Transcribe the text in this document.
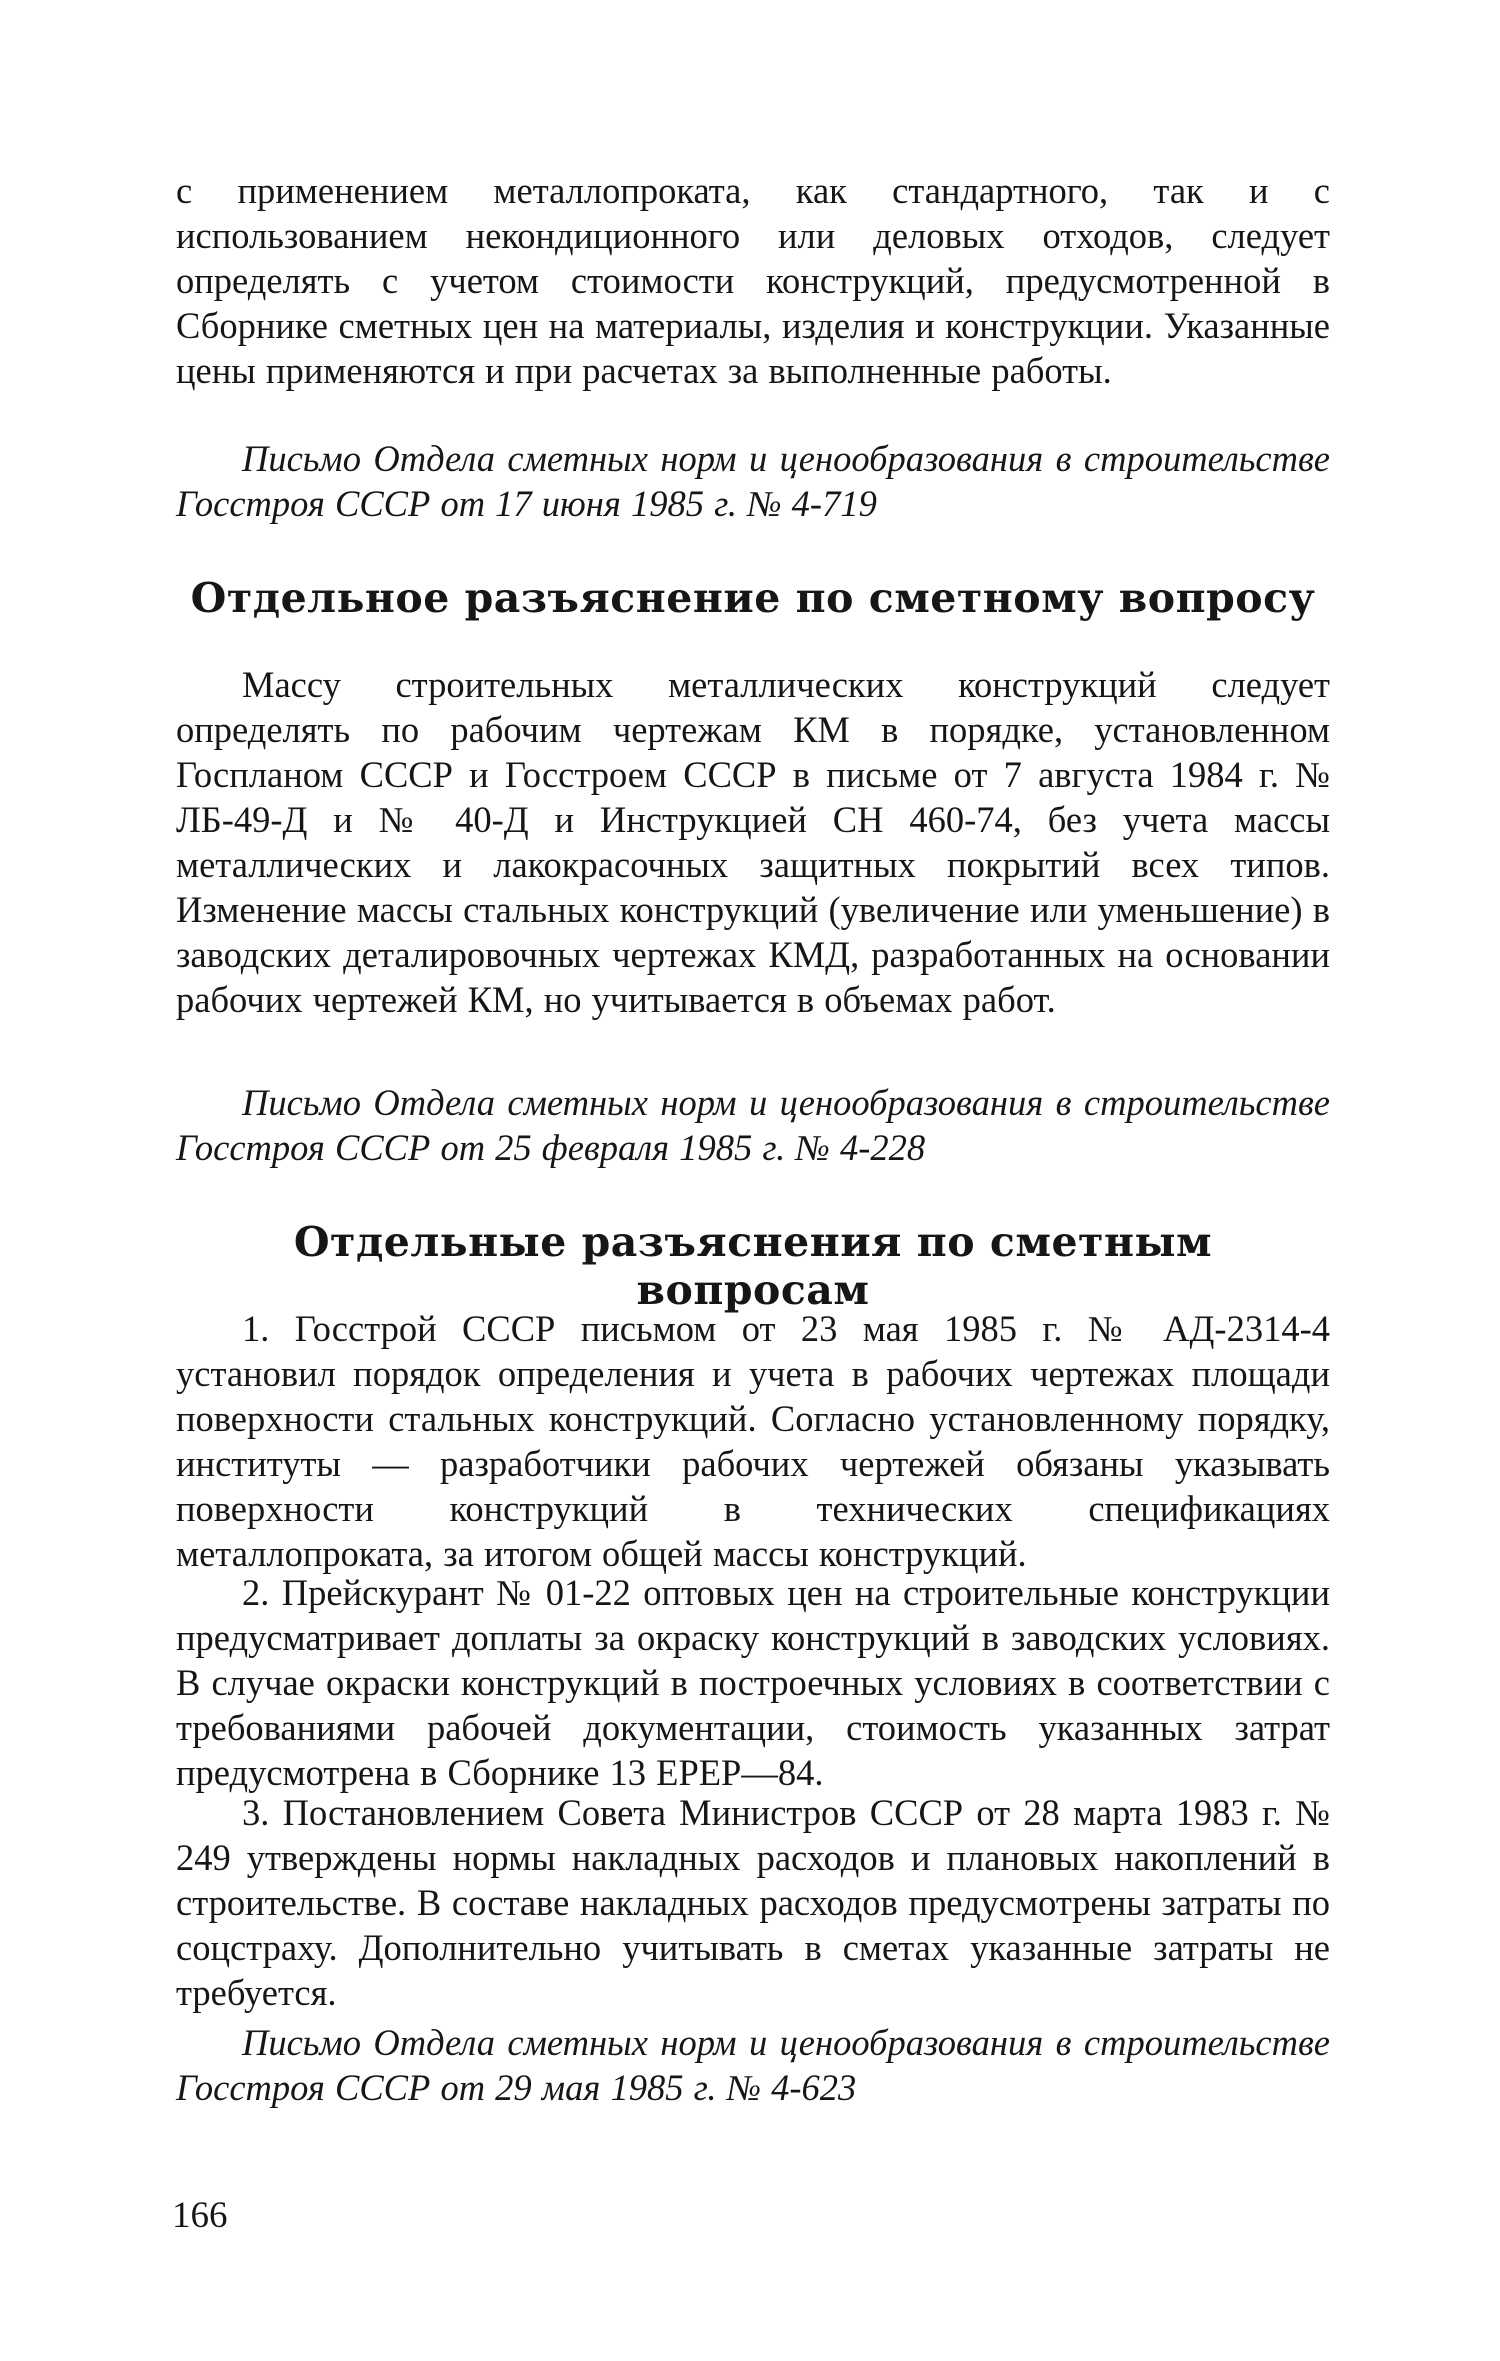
с применением металлопроката, как стандартного, так и с использованием некондиционного или деловых отходов, следует определять с учетом стоимости конструкций, предусмотренной в Сборнике сметных цен на материалы, изделия и конструкции. Указанные цены применяются и при расчетах за выполненные работы.

Письмо Отдела сметных норм и ценообразования в строительстве Госстроя СССР от 17 июня 1985 г. № 4-719

Отдельное разъяснение по сметному вопросу

Массу строительных металлических конструкций следует определять по рабочим чертежам КМ в порядке, установленном Госпланом СССР и Госстроем СССР в письме от 7 августа 1984 г. № ЛБ-49-Д и № 40-Д и Инструкцией СН 460-74, без учета массы металлических и лакокрасочных защитных покрытий всех типов. Изменение массы стальных конструкций (увеличение или уменьшение) в заводских деталировочных чертежах КМД, разработанных на основании рабочих чертежей КМ, но учитывается в объемах работ.

Письмо Отдела сметных норм и ценообразования в строительстве Госстроя СССР от 25 февраля 1985 г. № 4-228

Отдельные разъяснения по сметным вопросам

1. Госстрой СССР письмом от 23 мая 1985 г. № АД-2314-4 установил порядок определения и учета в рабочих чертежах площади поверхности стальных конструкций. Согласно установленному порядку, институты — разработчики рабочих чертежей обязаны указывать поверхности конструкций в технических спецификациях металлопроката, за итогом общей массы конструкций.

2. Прейскурант № 01-22 оптовых цен на строительные конструкции предусматривает доплаты за окраску конструкций в заводских условиях. В случае окраски конструкций в построечных условиях в соответствии с требованиями рабочей документации, стоимость указанных затрат предусмотрена в Сборнике 13 ЕРЕР—84.

3. Постановлением Совета Министров СССР от 28 марта 1983 г. № 249 утверждены нормы накладных расходов и плановых накоплений в строительстве. В составе накладных расходов предусмотрены затраты по соцстраху. Дополнительно учитывать в сметах указанные затраты не требуется.

Письмо Отдела сметных норм и ценообразования в строительстве Госстроя СССР от 29 мая 1985 г. № 4-623

166
